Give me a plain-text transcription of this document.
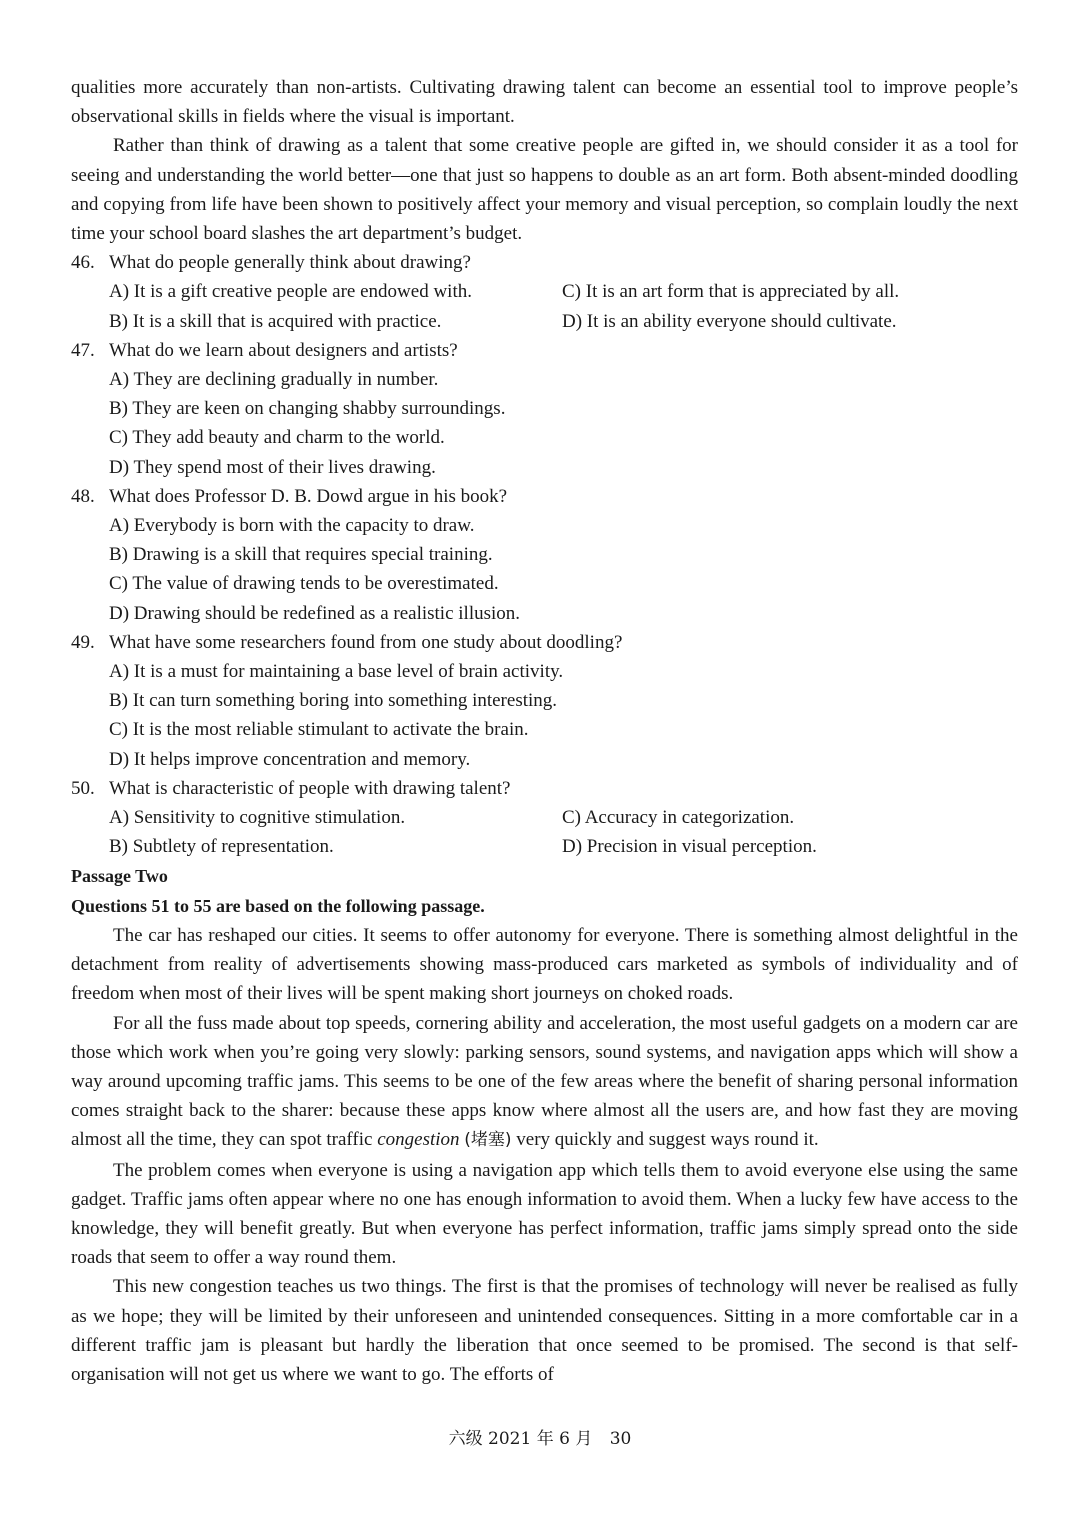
qualities more accurately than non-artists. Cultivating drawing talent can become an essential tool to improve people’s observational skills in fields where the visual is important.

Rather than think of drawing as a talent that some creative people are gifted in, we should consider it as a tool for seeing and understanding the world better—one that just so happens to double as an art form. Both absent-minded doodling and copying from life have been shown to positively affect your memory and visual perception, so complain loudly the next time your school board slashes the art department’s budget.

46. What do people generally think about drawing?
A) It is a gift creative people are endowed with.	C) It is an art form that is appreciated by all.
B) It is a skill that is acquired with practice.	D) It is an ability everyone should cultivate.
47. What do we learn about designers and artists?
A) They are declining gradually in number.
B) They are keen on changing shabby surroundings.
C) They add beauty and charm to the world.
D) They spend most of their lives drawing.
48. What does Professor D. B. Dowd argue in his book?
A) Everybody is born with the capacity to draw.
B) Drawing is a skill that requires special training.
C) The value of drawing tends to be overestimated.
D) Drawing should be redefined as a realistic illusion.
49. What have some researchers found from one study about doodling?
A) It is a must for maintaining a base level of brain activity.
B) It can turn something boring into something interesting.
C) It is the most reliable stimulant to activate the brain.
D) It helps improve concentration and memory.
50. What is characteristic of people with drawing talent?
A) Sensitivity to cognitive stimulation.	C) Accuracy in categorization.
B) Subtlety of representation.	D) Precision in visual perception.
Passage Two
Questions 51 to 55 are based on the following passage.

The car has reshaped our cities. It seems to offer autonomy for everyone. There is something almost delightful in the detachment from reality of advertisements showing mass-produced cars marketed as symbols of individuality and of freedom when most of their lives will be spent making short journeys on choked roads.

For all the fuss made about top speeds, cornering ability and acceleration, the most useful gadgets on a modern car are those which work when you’re going very slowly: parking sensors, sound systems, and navigation apps which will show a way around upcoming traffic jams. This seems to be one of the few areas where the benefit of sharing personal information comes straight back to the sharer: because these apps know where almost all the users are, and how fast they are moving almost all the time, they can spot traffic congestion (堵塞) very quickly and suggest ways round it.

The problem comes when everyone is using a navigation app which tells them to avoid everyone else using the same gadget. Traffic jams often appear where no one has enough information to avoid them. When a lucky few have access to the knowledge, they will benefit greatly. But when everyone has perfect information, traffic jams simply spread onto the side roads that seem to offer a way round them.

This new congestion teaches us two things. The first is that the promises of technology will never be realised as fully as we hope; they will be limited by their unforeseen and unintended consequences. Sitting in a more comfortable car in a different traffic jam is pleasant but hardly the liberation that once seemed to be promised. The second is that self-organisation will not get us where we want to go. The efforts of

六级 2021 年 6 月 30
